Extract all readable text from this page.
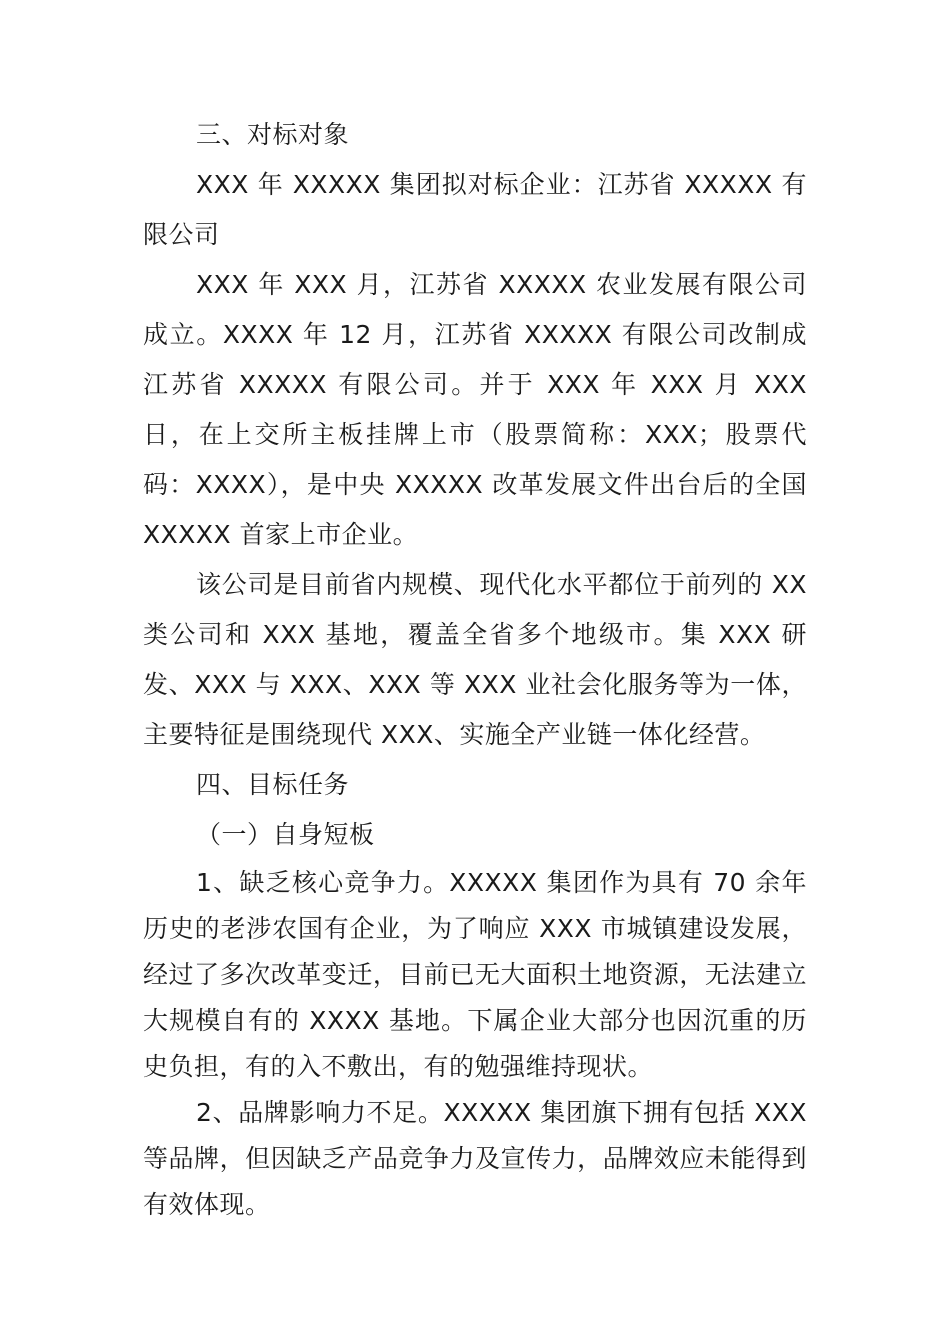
三、对标对象

XXX 年 XXXXX 集团拟对标企业：江苏省 XXXXX 有限公司

XXX 年 XXX 月，江苏省 XXXXX 农业发展有限公司成立。XXXX 年 12 月，江苏省 XXXXX 有限公司改制成江苏省 XXXXX 有限公司。并于 XXX 年 XXX 月 XXX 日，在上交所主板挂牌上市（股票简称：XXX；股票代码：XXXX），是中央 XXXXX 改革发展文件出台后的全国 XXXXX 首家上市企业。

该公司是目前省内规模、现代化水平都位于前列的 XX 类公司和 XXX 基地，覆盖全省多个地级市。集 XXX 研发、XXX 与 XXX、XXX 等 XXX 业社会化服务等为一体，主要特征是围绕现代 XXX、实施全产业链一体化经营。

四、目标任务

（一）自身短板

1、缺乏核心竞争力。XXXXX 集团作为具有 70 余年历史的老涉农国有企业，为了响应 XXX 市城镇建设发展，经过了多次改革变迁，目前已无大面积土地资源，无法建立大规模自有的 XXXX 基地。下属企业大部分也因沉重的历史负担，有的入不敷出，有的勉强维持现状。

2、品牌影响力不足。XXXXX 集团旗下拥有包括 XXX 等品牌，但因缺乏产品竞争力及宣传力，品牌效应未能得到有效体现。
